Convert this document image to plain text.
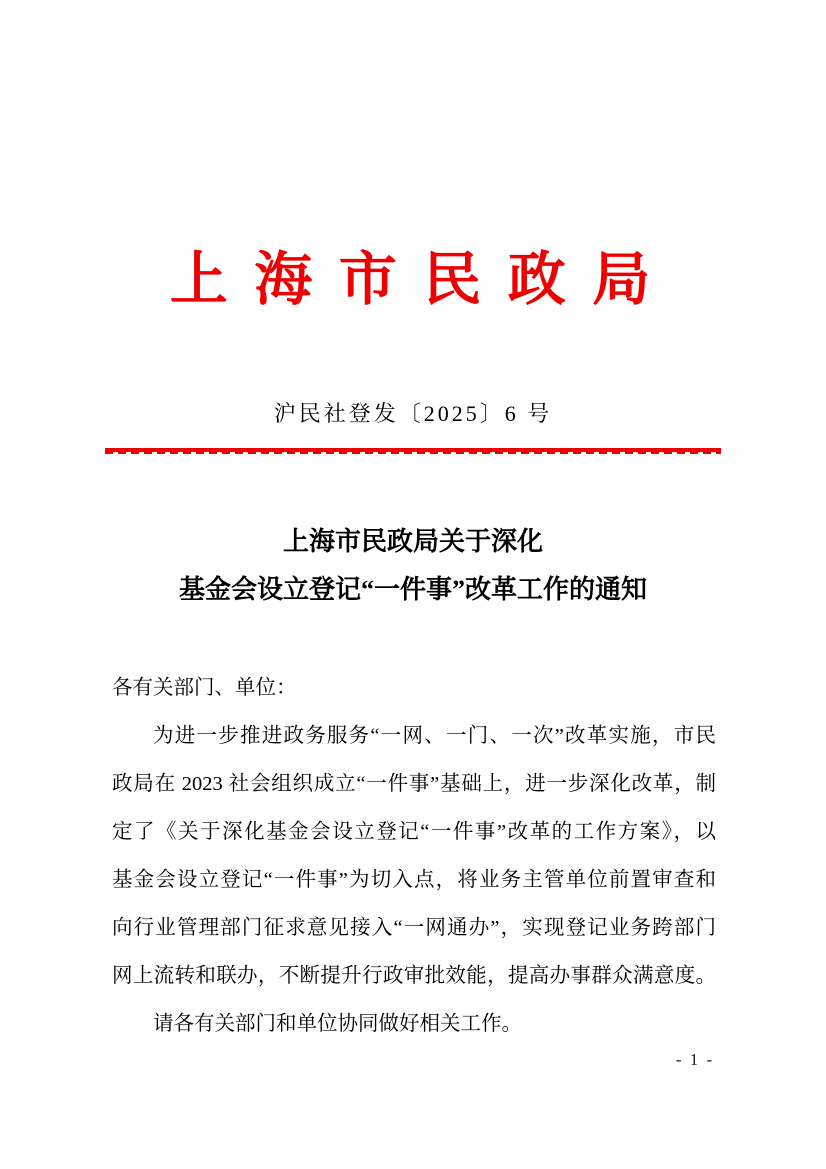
上 海 市 民 政 局
沪民社登发〔2025〕6 号
上海市民政局关于深化
基金会设立登记“一件事”改革工作的通知
各有关部门、单位：
为进一步推进政务服务“一网、一门、一次”改革实施，市民
政局在 2023 社会组织成立“一件事”基础上，进一步深化改革，制
定了《关于深化基金会设立登记“一件事”改革的工作方案》，以
基金会设立登记“一件事”为切入点，将业务主管单位前置审查和
向行业管理部门征求意见接入“一网通办”，实现登记业务跨部门
网上流转和联办，不断提升行政审批效能，提高办事群众满意度。
请各有关部门和单位协同做好相关工作。
- 1 -
